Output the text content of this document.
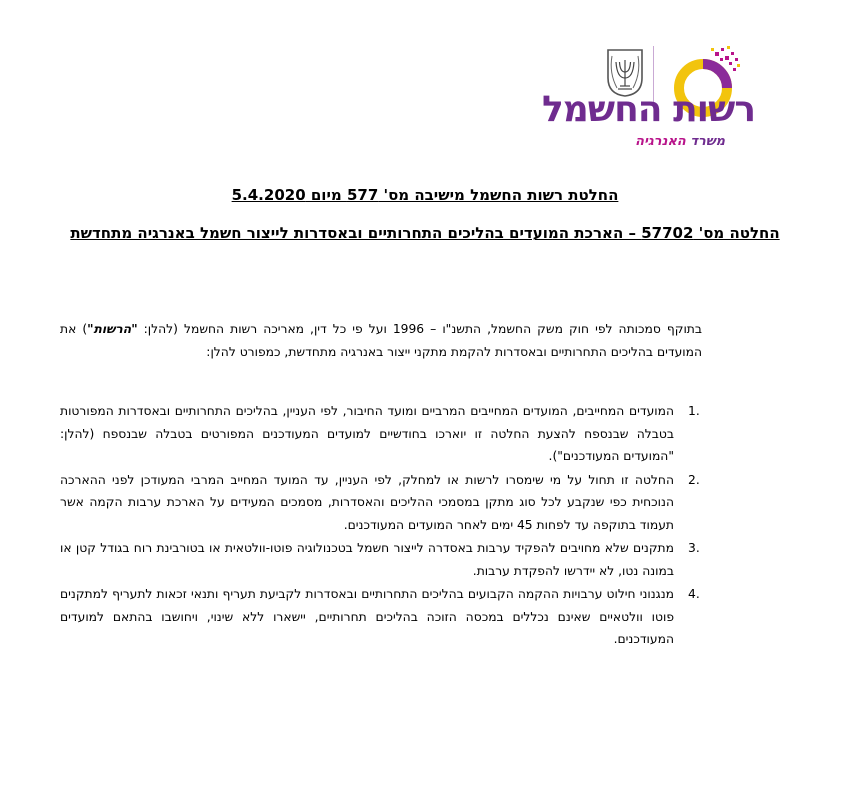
רשות החשמל
משרד האנרגיה
החלטת רשות החשמל מישיבה מס' 577 מיום 5.4.2020
החלטה מס' 57702 – הארכת המועדים בהליכים התחרותיים ובאסדרות לייצור חשמל באנרגיה מתחדשת
בתוקף סמכותה לפי חוק משק החשמל, התשנ"ו – 1996 ועל פי כל דין, מאריכה רשות החשמל (להלן: "הרשות") את המועדים בהליכים התחרותיים ובאסדרות להקמת מתקני ייצור באנרגיה מתחדשת, כמפורט להלן:
1.
המועדים המחייבים, המועדים המחייבים המרביים ומועד החיבור, לפי העניין, בהליכים התחרותיים ובאסדרות המפורטות בטבלה שבנספח להצעת החלטה זו יוארכו בחודשיים למועדים המעודכנים המפורטים בטבלה שבנספח (להלן: "המועדים המעודכנים").
2.
החלטה זו תחול על מי שימסרו לרשות או למחלק, לפי העניין, עד המועד המחייב המרבי המעודכן לפני ההארכה הנוכחית כפי שנקבע לכל סוג מתקן במסמכי ההליכים והאסדרות, מסמכים המעידים על הארכת ערבות הקמה אשר תעמוד בתוקפה עד לפחות 45 ימים לאחר המועדים המעודכנים.
3.
מתקנים שלא מחויבים להפקיד ערבות באסדרה לייצור חשמל בטכנולוגיה פוטו-וולטאית או בטורבינת רוח בגודל קטן או במונה נטו, לא יידרשו להפקדת ערבות.
4.
מנגנוני חילוט ערבויות ההקמה הקבועים בהליכים התחרותיים ובאסדרות לקביעת תעריף ותנאי זכאות לתעריף למתקנים פוטו וולטאיים שאינם נכללים במכסה הזוכה בהליכים תחרותיים, יישארו ללא שינוי, ויחושבו בהתאם למועדים המעודכנים.
